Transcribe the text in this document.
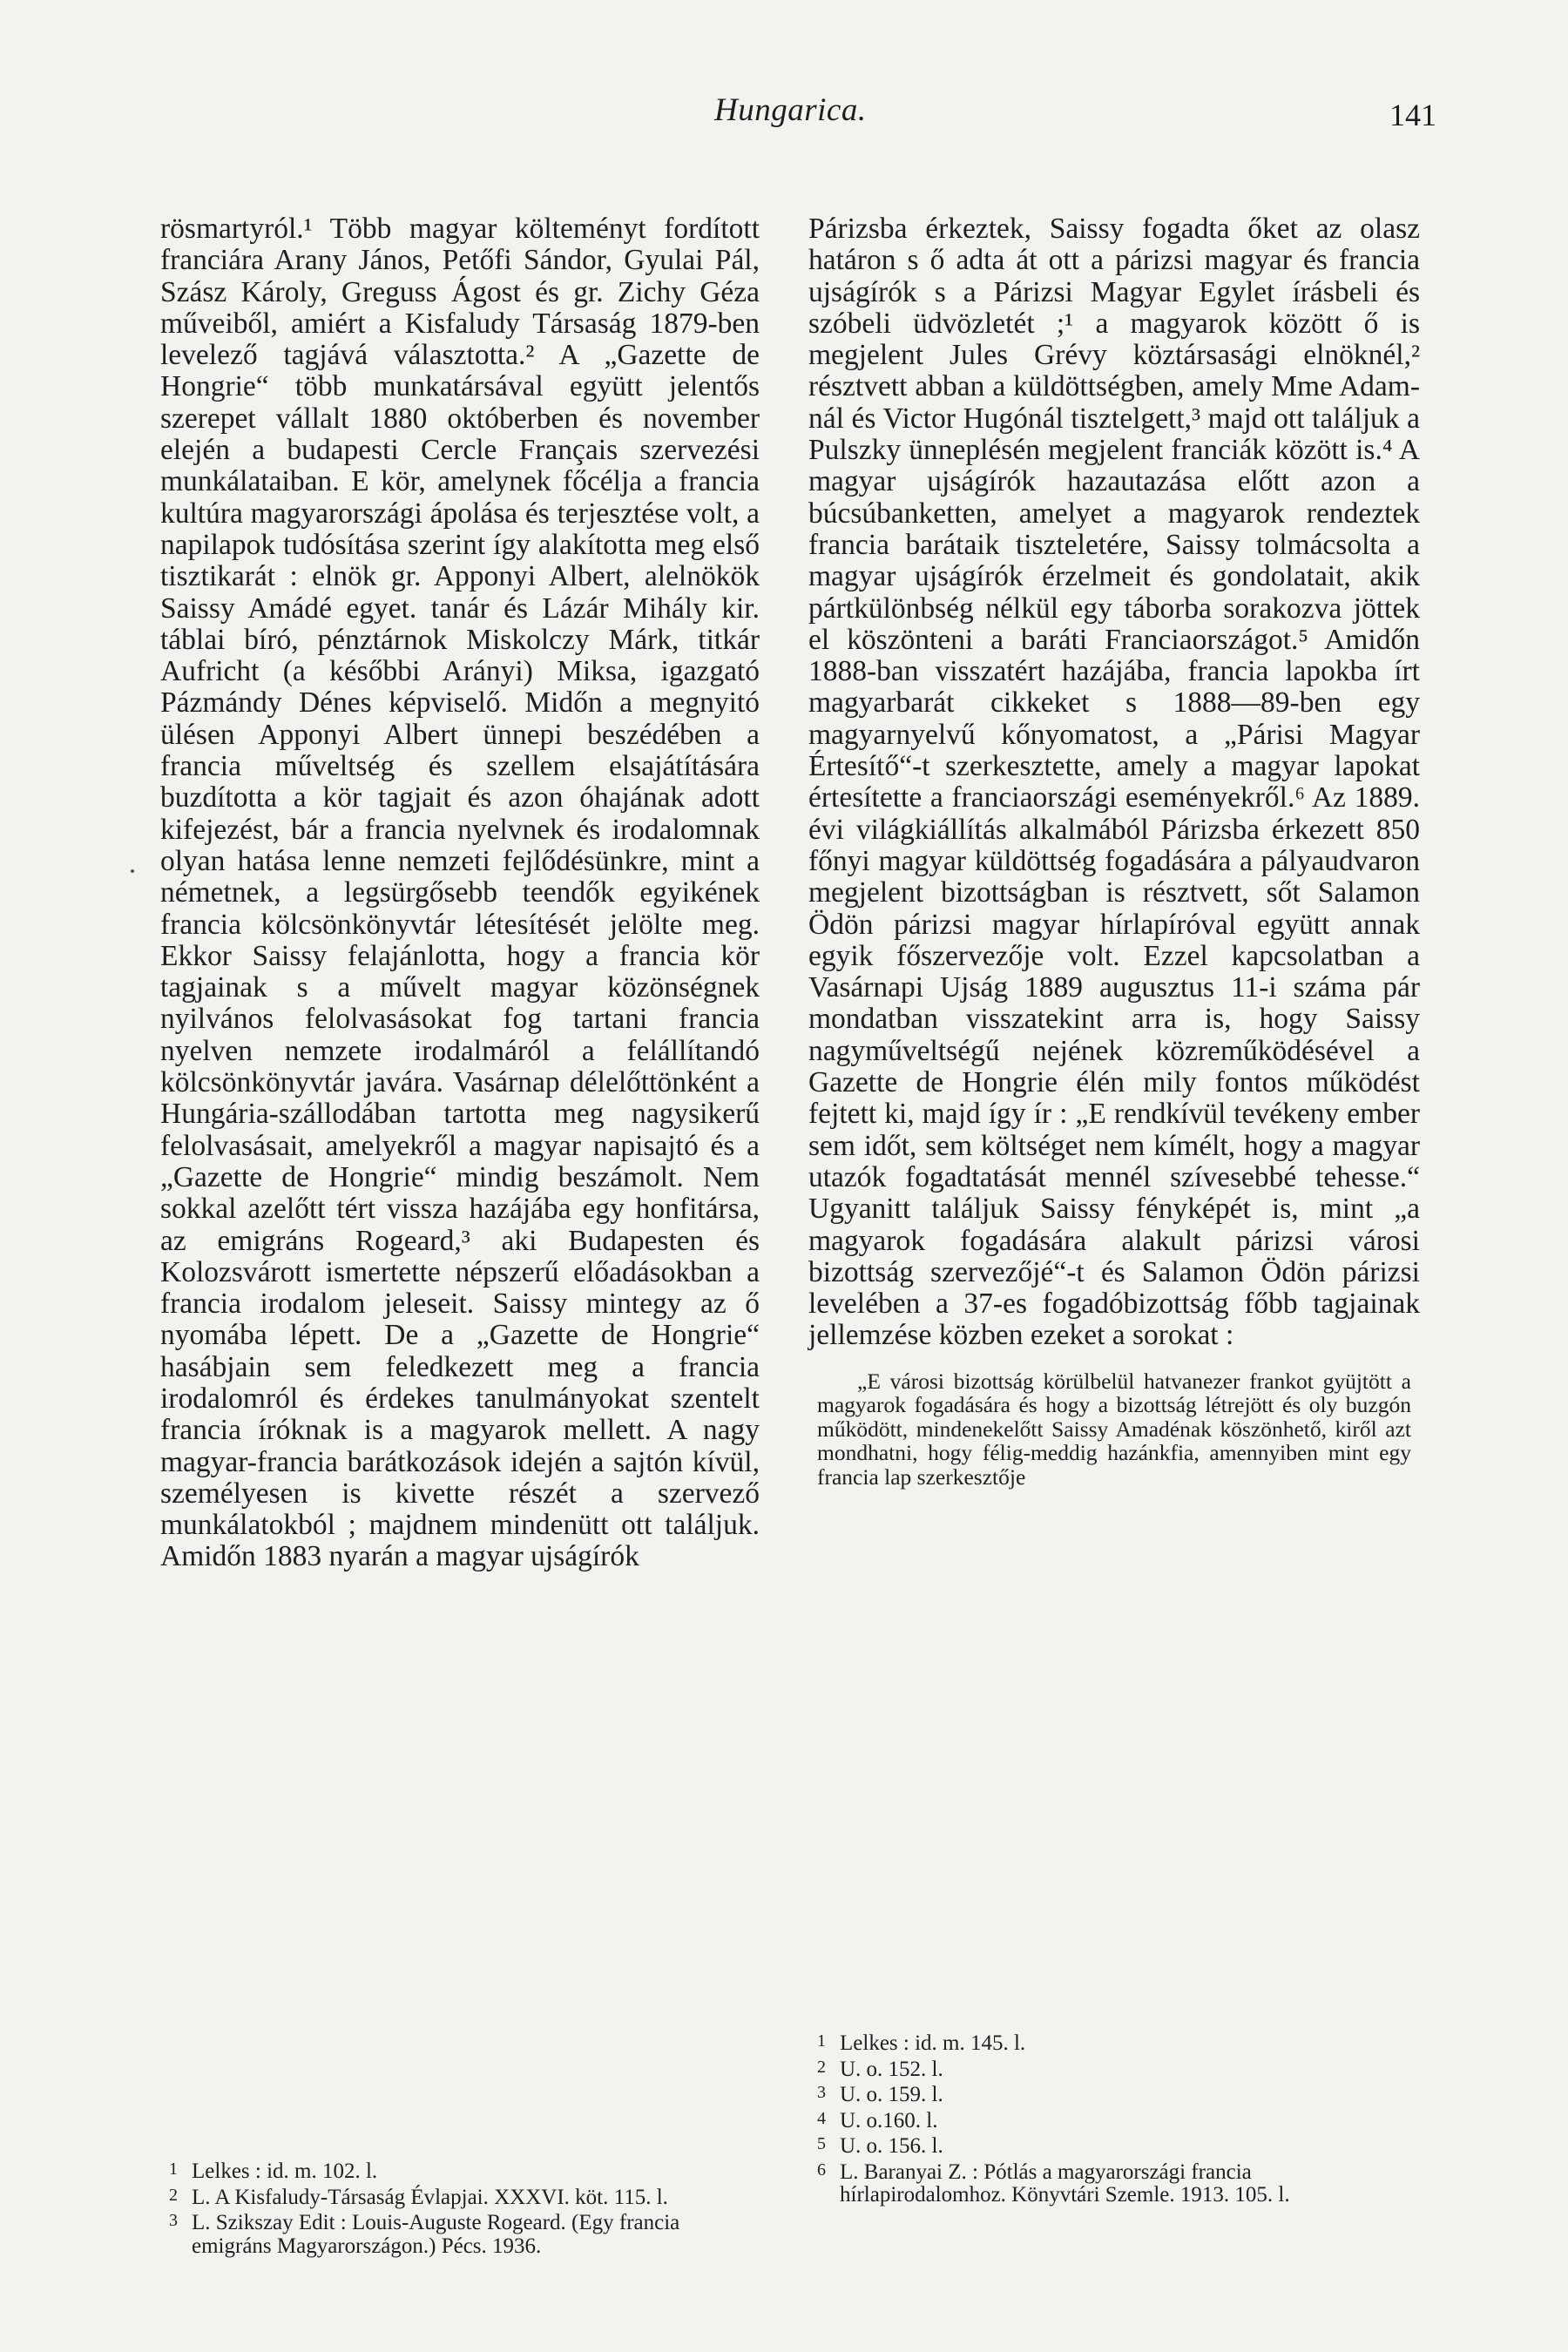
Hungarica.	141

rösmartyról.¹ Több magyar költeményt fordított franciára Arany János, Petőfi Sándor, Gyulai Pál, Szász Károly, Greguss Ágost és gr. Zichy Géza műveiből, amiért a Kisfaludy Társaság 1879-ben levelező tagjává választotta.² A „Gazette de Hongrie“ több munkatársával együtt jelentős szerepet vállalt 1880 októberben és november elején a budapesti Cercle Français szervezési munkálataiban. E kör, amelynek főcélja a francia kultúra magyarországi ápolása és terjesztése volt, a napilapok tudósítása szerint így alakította meg első tisztikarát : elnök gr. Apponyi Albert, alelnökök Saissy Amádé egyet. tanár és Lázár Mihály kir. táblai bíró, pénztárnok Miskolczy Márk, titkár Aufricht (a későbbi Arányi) Miksa, igazgató Pázmándy Dénes képviselő. Midőn a megnyitó ülésen Apponyi Albert ünnepi beszédében a francia műveltség és szellem elsajátítására buzdította a kör tagjait és azon óhajának adott kifejezést, bár a francia nyelvnek és irodalomnak olyan hatása lenne nemzeti fejlődésünkre, mint a németnek, a legsürgősebb teendők egyikének francia kölcsönkönyvtár létesítését jelölte meg. Ekkor Saissy felajánlotta, hogy a francia kör tagjainak s a művelt magyar közönségnek nyilvános felolvasásokat fog tartani francia nyelven nemzete irodalmáról a felállítandó kölcsönkönyvtár javára. Vasárnap délelőttönként a Hungária-szállodában tartotta meg nagysikerű felolvasásait, amelyekről a magyar napisajtó és a „Gazette de Hongrie“ mindig beszámolt. Nem sokkal azelőtt tért vissza hazájába egy honfitársa, az emigráns Rogeard,³ aki Budapesten és Kolozsvárott ismertette népszerű előadásokban a francia irodalom jeleseit. Saissy mintegy az ő nyomába lépett. De a „Gazette de Hongrie“ hasábjain sem feledkezett meg a francia irodalomról és érdekes tanulmányokat szentelt francia íróknak is a magyarok mellett. A nagy magyar-francia barátkozások idején a sajtón kívül, személyesen is kivette részét a szervező munkálatokból ; majdnem mindenütt ott találjuk. Amidőn 1883 nyarán a magyar ujságírók

Párizsba érkeztek, Saissy fogadta őket az olasz határon s ő adta át ott a párizsi magyar és francia ujságírók s a Párizsi Magyar Egylet írásbeli és szóbeli üdvözletét ;¹ a magyarok között ő is megjelent Jules Grévy köztársasági elnöknél,² résztvett abban a küldöttségben, amely Mme Adam-nál és Victor Hugónál tisztelgett,³ majd ott találjuk a Pulszky ünneplésén megjelent franciák között is.⁴ A magyar ujságírók hazautazása előtt azon a búcsúbanketten, amelyet a magyarok rendeztek francia barátaik tiszteletére, Saissy tolmácsolta a magyar ujságírók érzelmeit és gondolatait, akik pártkülönbség nélkül egy táborba sorakozva jöttek el köszönteni a baráti Franciaországot.⁵ Amidőn 1888-ban visszatért hazájába, francia lapokba írt magyarbarát cikkeket s 1888—89-ben egy magyarnyelvű kőnyomatost, a „Párisi Magyar Értesítő“-t szerkesztette, amely a magyar lapokat értesítette a franciaországi eseményekről.⁶ Az 1889. évi világkiállítás alkalmából Párizsba érkezett 850 főnyi magyar küldöttség fogadására a pályaudvaron megjelent bizottságban is résztvett, sőt Salamon Ödön párizsi magyar hírlapíróval együtt annak egyik főszervezője volt. Ezzel kapcsolatban a Vasárnapi Ujság 1889 augusztus 11-i száma pár mondatban visszatekint arra is, hogy Saissy nagyműveltségű nejének közreműködésével a Gazette de Hongrie élén mily fontos működést fejtett ki, majd így ír : „E rendkívül tevékeny ember sem időt, sem költséget nem kímélt, hogy a magyar utazók fogadtatását mennél szívesebbé tehesse.“ Ugyanitt találjuk Saissy fényképét is, mint „a magyarok fogadására alakult párizsi városi bizottság szervezőjé“-t és Salamon Ödön párizsi levelében a 37-es fogadóbizottság főbb tagjainak jellemzése közben ezeket a sorokat :

„E városi bizottság körülbelül hatvanezer frankot gyüjtött a magyarok fogadására és hogy a bizottság létrejött és oly buzgón működött, mindenekelőtt Saissy Amadénak köszönhető, kiről azt mondhatni, hogy félig-meddig hazánkfia, amennyiben mint egy francia lap szerkesztője

1 Lelkes : id. m. 102. l.

2 L. A Kisfaludy-Társaság Évlapjai. XXXVI. köt. 115. l.

3 L. Szikszay Edit : Louis-Auguste Rogeard. (Egy francia emigráns Magyarországon.) Pécs. 1936.

1 Lelkes : id. m. 145. l.

2 U. o. 152. l.

3 U. o. 159. l.

4 U. o.160. l.

5 U. o. 156. l.

6 L. Baranyai Z. : Pótlás a magyarországi francia hírlapirodalomhoz. Könyvtári Szemle. 1913. 105. l.
